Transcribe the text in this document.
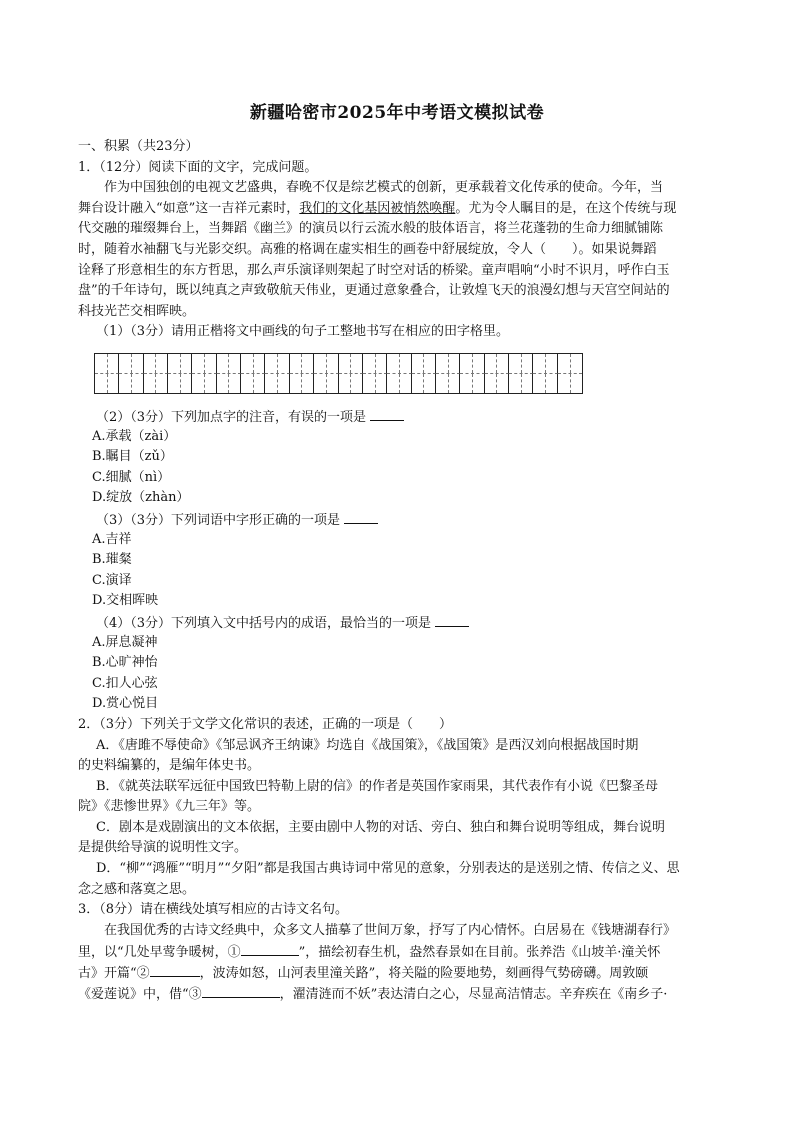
新疆哈密市2025年中考语文模拟试卷
一、积累（共23分）
1．（12分）阅读下面的文字，完成问题。
作为中国独创的电视文艺盛典，春晚不仅是综艺模式的创新，更承载着文化传承的使命。今年，当
舞台设计融入“如意”这一吉祥元素时，我们的文化基因被悄然唤醒。尤为令人瞩目的是，在这个传统与现
代交融的璀缀舞台上，当舞蹈《幽兰》的演员以行云流水般的肢体语言，将兰花蓬勃的生命力细腻铺陈
时，随着水袖翻飞与光影交织。高雅的格调在虚实相生的画卷中舒展绽放，令人（　　）。如果说舞蹈
诠释了形意相生的东方哲思，那么声乐演译则架起了时空对话的桥梁。童声唱响“小时不识月，呼作白玉
盘”的千年诗句，既以纯真之声致敬航天伟业，更通过意象叠合，让敦煌飞天的浪漫幻想与天宫空间站的
科技光芒交相晖映。
（1）（3分）请用正楷将文中画线的句子工整地书写在相应的田字格里。
（2）（3分）下列加点字的注音，有误的一项是
A.承载（zài）
B.瞩目（zǔ）
C.细腻（nì）
D.绽放（zhàn）
（3）（3分）下列词语中字形正确的一项是
A.吉祥
B.璀粲
C.演译
D.交相晖映
（4）（3分）下列填入文中括号内的成语，最恰当的一项是
A.屏息凝神
B.心旷神怡
C.扣人心弦
D.赏心悦目
2．（3分）下列关于文学文化常识的表述，正确的一项是（　　）
A．《唐雎不辱使命》《邹忌讽齐王纳谏》均选自《战国策》，《战国策》是西汉刘向根据战国时期
的史料编纂的，是编年体史书。
B．《就英法联军远征中国致巴特勒上尉的信》的作者是英国作家雨果，其代表作有小说《巴黎圣母
院》《悲惨世界》《九三年》等。
C．剧本是戏剧演出的文本依据，主要由剧中人物的对话、旁白、独白和舞台说明等组成，舞台说明
是提供给导演的说明性文字。
D．“柳”“鸿雁”“明月”“夕阳”都是我国古典诗词中常见的意象，分别表达的是送别之情、传信之义、思
念之感和落寞之思。
3．（8分）请在横线处填写相应的古诗文名句。
在我国优秀的古诗文经典中，众多文人描摹了世间万象，抒写了内心情怀。白居易在《钱塘湖春行》
里，以“几处早莺争暖树，①	”，描绘初春生机，盎然春景如在目前。张养浩《山坡羊·潼关怀
古》开篇“②	，波涛如怒，山河表里潼关路”，将关隘的险要地势，刻画得气势磅礴。周敦颐
《爱莲说》中，借“③	，濯清涟而不妖”表达清白之心，尽显高洁情志。辛弃疾在《南乡子·
